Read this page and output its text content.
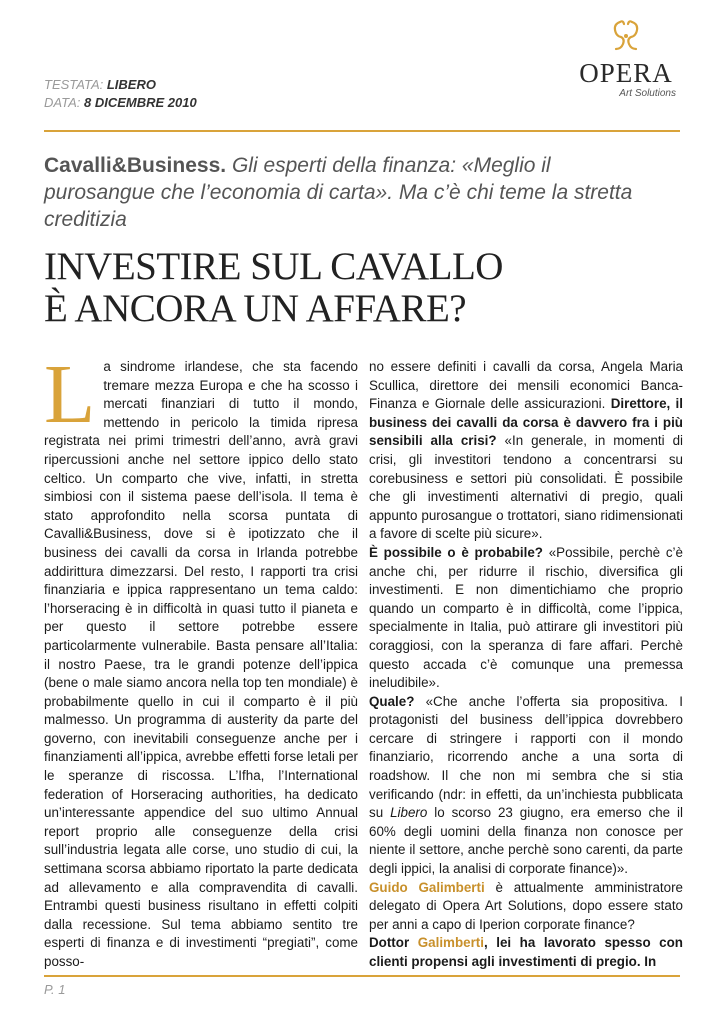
TESTATA: LIBERO
DATA: 8 DICEMBRE 2010
OPERA
Art Solutions
Cavalli&Business. Gli esperti della finanza: «Meglio il purosangue che l’economia di carta». Ma c’è chi teme la stretta creditizia
INVESTIRE SUL CAVALLO
È ANCORA UN AFFARE?

L a sindrome irlandese, che sta facendo tremare mezza Europa e che ha scosso i mercati finanziari di tutto il mondo, mettendo in pericolo la timida ripresa registrata nei primi trimestri dell’anno, avrà gravi ripercussioni anche nel settore ippico dello stato celtico. Un comparto che vive, infatti, in stretta simbiosi con il sistema paese dell’isola. Il tema è stato approfondito nella scorsa puntata di Cavalli&Business, dove si è ipotizzato che il business dei cavalli da corsa in Irlanda potrebbe addirittura dimezzarsi. Del resto, I rapporti tra crisi finanziaria e ippica rappresentano un tema caldo: l’horseracing è in difficoltà in quasi tutto il pianeta e per questo il settore potrebbe essere particolarmente vulnerabile. Basta pensare all’Italia: il nostro Paese, tra le grandi potenze dell’ippica (bene o male siamo ancora nella top ten mondiale) è probabilmente quello in cui il comparto è il più malmesso. Un programma di austerity da parte del governo, con inevitabili conseguenze anche per i finanziamenti all’ippica, avrebbe effetti forse letali per le speranze di riscossa. L’Ifha, l’International federation of Horseracing authorities, ha dedicato un’interessante appendice del suo ultimo Annual report proprio alle conseguenze della crisi sull’industria legata alle corse, uno studio di cui, la settimana scorsa abbiamo riportato la parte dedicata ad allevamento e alla compravendita di cavalli. Entrambi questi business risultano in effetti colpiti dalla recessione. Sul tema abbiamo sentito tre esperti di finanza e di investimenti “pregiati”, come posso-

no essere definiti i cavalli da corsa, Angela Maria Scullica, direttore dei mensili economici Banca-Finanza e Giornale delle assicurazioni. Direttore, il business dei cavalli da corsa è davvero fra i più sensibili alla crisi? «In generale, in momenti di crisi, gli investitori tendono a concentrarsi su corebusiness e settori più consolidati. È possibile che gli investimenti alternativi di pregio, quali appunto purosangue o trottatori, siano ridimensionati a favore di scelte più sicure».

È possibile o è probabile? «Possibile, perchè c’è anche chi, per ridurre il rischio, diversifica gli investimenti. E non dimentichiamo che proprio quando un comparto è in difficoltà, come l’ippica, specialmente in Italia, può attirare gli investitori più coraggiosi, con la speranza di fare affari. Perchè questo accada c’è comunque una premessa ineludibile».

Quale? «Che anche l’offerta sia propositiva. I protagonisti del business dell’ippica dovrebbero cercare di stringere i rapporti con il mondo finanziario, ricorrendo anche a una sorta di roadshow. Il che non mi sembra che si stia verificando (ndr: in effetti, da un’inchiesta pubblicata su Libero lo scorso 23 giugno, era emerso che il 60% degli uomini della finanza non conosce per niente il settore, anche perchè sono carenti, da parte degli ippici, la analisi di corporate finance)».

Guido Galimberti è attualmente amministratore delegato di Opera Art Solutions, dopo essere stato per anni a capo di Iperion corporate finance?

Dottor Galimberti, lei ha lavorato spesso con clienti propensi agli investimenti di pregio. In

P. 1
